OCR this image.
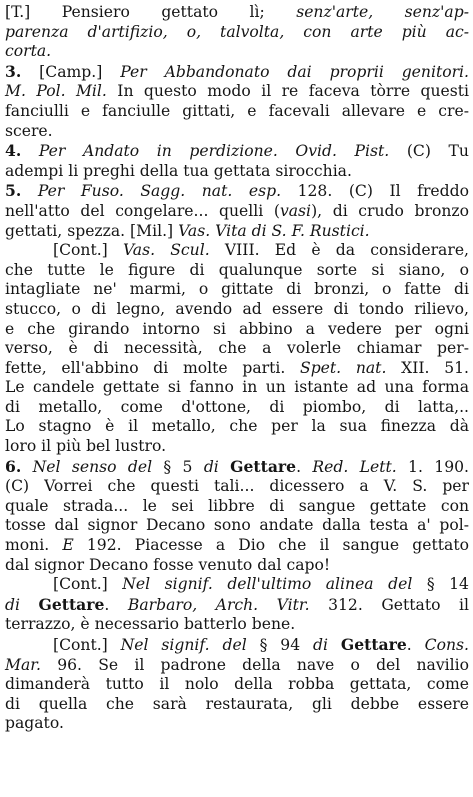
[T.] Pensiero gettato lì; senz'arte, senz'ap-
parenza d'artifizio, o, talvolta, con arte più ac-
corta.
3. [Camp.] Per Abbandonato dai proprii genitori.
M. Pol. Mil. In questo modo il re faceva tòrre questi
fanciulli e fanciulle gittati, e facevali allevare e cre-
scere.
4. Per Andato in perdizione. Ovid. Pist. (C) Tu
adempi li preghi della tua gettata sirocchia.
5. Per Fuso. Sagg. nat. esp. 128. (C) Il freddo
nell'atto del congelare... quelli (vasi), di crudo bronzo
gettati, spezza. [Mil.] Vas. Vita di S. F. Rustici.
[Cont.] Vas. Scul. VIII. Ed è da considerare,
che tutte le figure di qualunque sorte si siano, o
intagliate ne' marmi, o gittate di bronzi, o fatte di
stucco, o di legno, avendo ad essere di tondo rilievo,
e che girando intorno si abbino a vedere per ogni
verso, è di necessità, che a volerle chiamar per-
fette, ell'abbino di molte parti. Spet. nat. XII. 51.
Le candele gettate si fanno in un istante ad una forma
di metallo, come d'ottone, di piombo, di latta,..
Lo stagno è il metallo, che per la sua finezza dà
loro il più bel lustro.
6. Nel senso del § 5 di Gettare. Red. Lett. 1. 190.
(C) Vorrei che questi tali... dicessero a V. S. per
quale strada... le sei libbre di sangue gettate con
tosse dal signor Decano sono andate dalla testa a' pol-
moni. E 192. Piacesse a Dio che il sangue gettato
dal signor Decano fosse venuto dal capo!
[Cont.] Nel signif. dell'ultimo alinea del § 14
di Gettare. Barbaro, Arch. Vitr. 312. Gettato il
terrazzo, è necessario batterlo bene.
[Cont.] Nel signif. del § 94 di Gettare. Cons.
Mar. 96. Se il padrone della nave o del navilio
dimanderà tutto il nolo della robba gettata, come
di quella che sarà restaurata, gli debbe essere
pagato.
